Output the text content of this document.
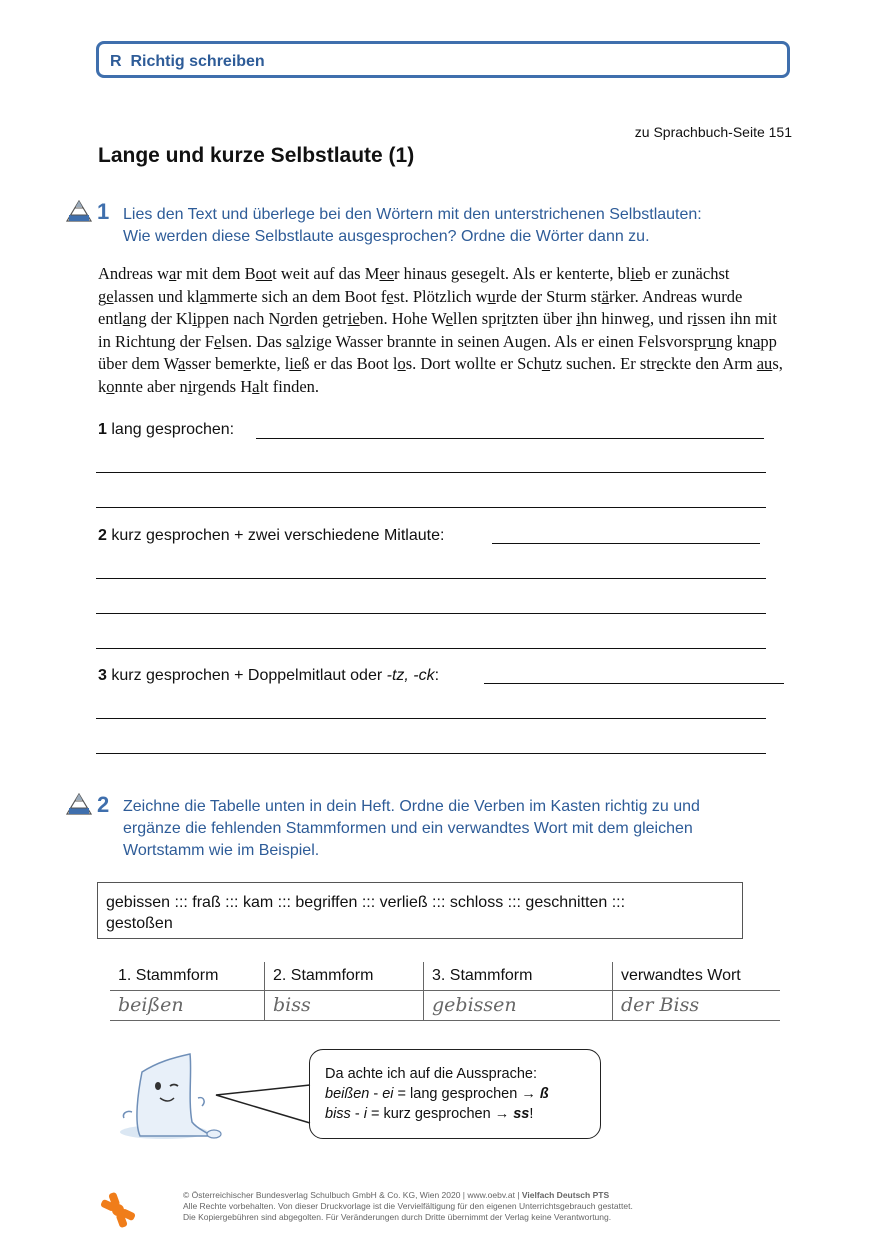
R Richtig schreiben
zu Sprachbuch-Seite 151
Lange und kurze Selbstlaute (1)
1 Lies den Text und überlege bei den Wörtern mit den unterstrichenen Selbstlauten:
Wie werden diese Selbstlaute ausgesprochen? Ordne die Wörter dann zu.
Andreas war mit dem Boot weit auf das Meer hinaus gesegelt. Als er kenterte, blieb er zunächst gelassen und klammerte sich an dem Boot fest. Plötzlich wurde der Sturm stärker. Andreas wurde entlang der Klippen nach Norden getrieben. Hohe Wellen spritzten über ihn hinweg, und rissen ihn mit in Richtung der Felsen. Das salzige Wasser brannte in seinen Augen. Als er einen Felsvorsprung knapp über dem Wasser bemerkte, ließ er das Boot los. Dort wollte er Schutz suchen. Er streckte den Arm aus, konnte aber nirgends Halt finden.
1 lang gesprochen:
2 kurz gesprochen + zwei verschiedene Mitlaute:
3 kurz gesprochen + Doppelmitlaut oder -tz, -ck:
2 Zeichne die Tabelle unten in dein Heft. Ordne die Verben im Kasten richtig zu und
ergänze die fehlenden Stammformen und ein verwandtes Wort mit dem gleichen
Wortstamm wie im Beispiel.
gebissen ::: fraß ::: kam ::: begriffen ::: verließ ::: schloss ::: geschnitten :::
gestoßen
1. Stammform	2. Stammform	3. Stammform	verwandtes Wort
beißen	biss	gebissen	der Biss
Da achte ich auf die Aussprache:
beißen - ei = lang gesprochen → ß
biss - i = kurz gesprochen → ss!
© Österreichischer Bundesverlag Schulbuch GmbH & Co. KG, Wien 2020 | www.oebv.at | Vielfach Deutsch PTS
Alle Rechte vorbehalten. Von dieser Druckvorlage ist die Vervielfältigung für den eigenen Unterrichtsgebrauch gestattet.
Die Kopiergebühren sind abgegolten. Für Veränderungen durch Dritte übernimmt der Verlag keine Verantwortung.
